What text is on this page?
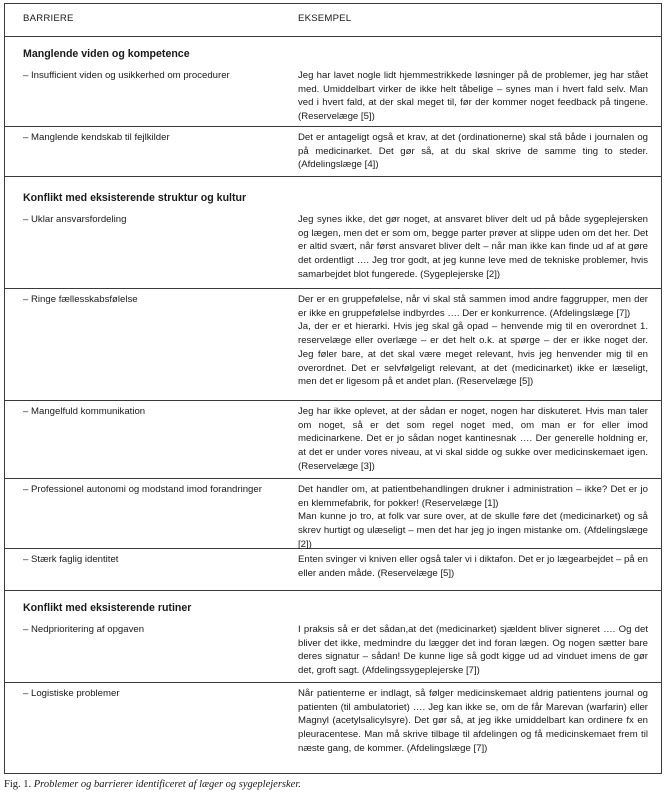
BARRIERE	EKSEMPEL
Manglende viden og kompetence
– Insufficient viden og usikkerhed om procedurer	Jeg har lavet nogle lidt hjemmestrikkede løsninger på de problemer, jeg har stået med. Umiddelbart virker de ikke helt tåbelige – synes man i hvert fald selv. Man ved i hvert fald, at der skal meget til, før der kommer noget feedback på tingene. (Reservelæge [5])

– Manglende kendskab til fejlkilder	Det er antageligt også et krav, at det (ordinationerne) skal stå både i journalen og på medicinarket. Det gør så, at du skal skrive de samme ting to steder. (Afdelingslæge [4])

Konflikt med eksisterende struktur og kultur
– Uklar ansvarsfordeling	Jeg synes ikke, det gør noget, at ansvaret bliver delt ud på både sygeplejersken og lægen, men det er som om, begge parter prøver at slippe uden om det her. Det er altid svært, når først ansvaret bliver delt – når man ikke kan finde ud af at gøre det ordentligt …. Jeg tror godt, at jeg kunne leve med de tekniske problemer, hvis samarbejdet blot fungerede. (Sygeplejerske [2])

– Ringe fællesskabsfølelse	Der er en gruppefølelse, når vi skal stå sammen imod andre faggrupper, men der er ikke en gruppefølelse indbyrdes …. Der er konkurrence. (Afdelingslæge [7])

Ja, der er et hierarki. Hvis jeg skal gå opad – henvende mig til en overordnet 1. reservelæge eller overlæge – er det helt o.k. at spørge – der er ikke noget der. Jeg føler bare, at det skal være meget relevant, hvis jeg henvender mig til en overordnet. Det er selvfølgeligt relevant, at det (medicinarket) ikke er læseligt, men det er ligesom på et andet plan. (Reservelæge [5])

– Mangelfuld kommunikation	Jeg har ikke oplevet, at der sådan er noget, nogen har diskuteret. Hvis man taler om noget, så er det som regel noget med, om man er for eller imod medicinarkene. Det er jo sådan noget kantinesnak …. Der generelle holdning er, at det er under vores niveau, at vi skal sidde og sukke over medicinskemaet igen. (Reservelæge [3])

– Professionel autonomi og modstand imod forandringer	Det handler om, at patientbehandlingen drukner i administration – ikke? Det er jo en klemmefabrik, for pokker! (Reservelæge [1])

Man kunne jo tro, at folk var sure over, at de skulle føre det (medicinarket) og så skrev hurtigt og ulæseligt – men det har jeg jo ingen mistanke om. (Afdelingslæge [2])

– Stærk faglig identitet	Enten svinger vi kniven eller også taler vi i diktafon. Det er jo lægearbejdet – på en eller anden måde. (Reservelæge [5])

Konflikt med eksisterende rutiner
– Nedprioritering af opgaven	I praksis så er det sådan,at det (medicinarket) sjældent bliver signeret …. Og det bliver det ikke, medmindre du lægger det ind foran lægen. Og nogen sætter bare deres signatur – sådan! De kunne lige så godt kigge ud ad vinduet imens de gør det, groft sagt. (Afdelingssygeplejerske [7])

– Logistiske problemer	Når patienterne er indlagt, så følger medicinskemaet aldrig patientens journal og patienten (til ambulatoriet) …. Jeg kan ikke se, om de får Marevan (warfarin) eller Magnyl (acetylsalicylsyre). Det gør så, at jeg ikke umiddelbart kan ordinere fx en pleuracentese. Man må skrive tilbage til afdelingen og få medicinskemaet frem til næste gang, de kommer. (Afdelingslæge [7])

Fig. 1. Problemer og barrierer identificeret af læger og sygeplejersker.
